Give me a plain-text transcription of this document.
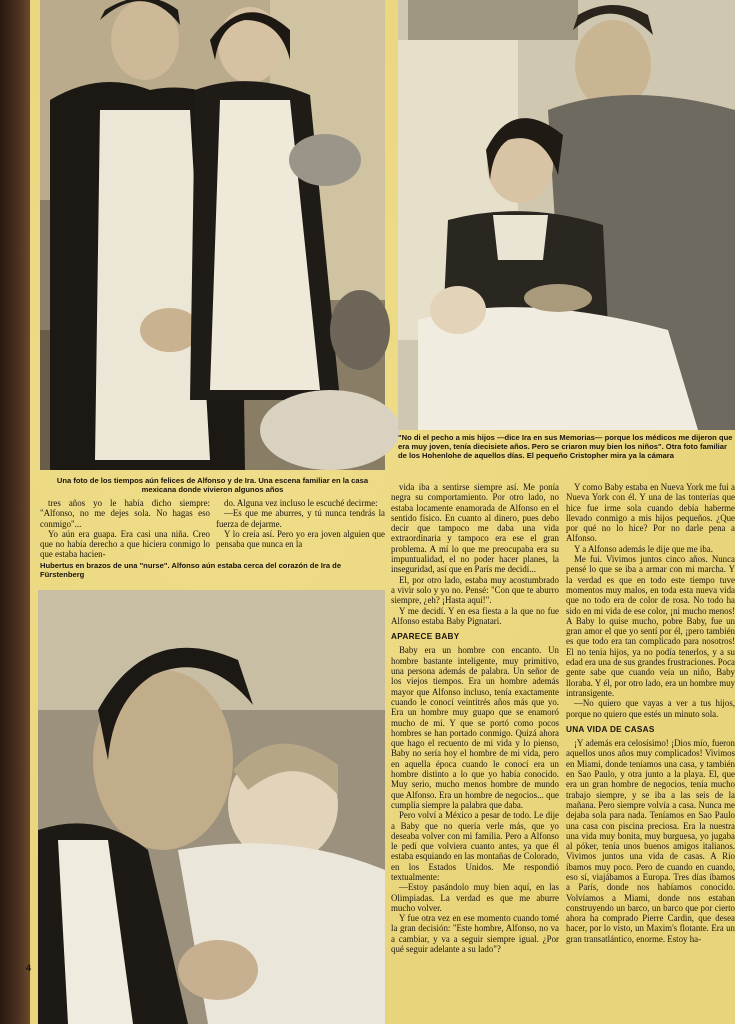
"No di el pecho a mis hijos —dice Ira en sus Memorias— porque los médicos me dijeron que era muy joven, tenía diecisiete años. Pero se criaron muy bien los niños". Otra foto familiar de los Hohenlohe de aquellos días. El pequeño Cristopher mira ya la cámara
Una foto de los tiempos aún felices de Alfonso y de Ira. Una escena familiar en la casa mexicana donde vivieron algunos años

tres años yo le había dicho siempre: "Alfonso, no me dejes sola. No hagas eso conmigo"...

Yo aún era guapa. Era casi una niña. Creo que no había derecho a que hiciera conmigo lo que estaba hacien-

do. Alguna vez incluso le escuché decirme:

—Es que me aburres, y tú nunca tendrás la fuerza de dejarme.

Y lo creía así. Pero yo era joven alguien que pensaba que nunca en la

Hubertus en brazos de una "nurse". Alfonso aún estaba cerca del corazón de Ira de Fürstenberg

vida iba a sentirse siempre así. Me ponía negra su comportamiento. Por otro lado, no estaba locamente enamorada de Alfonso en el sentido físico. En cuanto al dinero, pues debo decir que tampoco me daba una vida extraordinaria y tampoco era ese el gran problema. A mí lo que me preocupaba era su impuntualidad, el no poder hacer planes, la inseguridad, así que en París me decidí...

El, por otro lado, estaba muy acostumbrado a vivir solo y yo no. Pensé: "Con que te aburro siempre, ¿eh? ¡Hasta aquí!".

Y me decidí. Y en esa fiesta a la que no fue Alfonso estaba Baby Pignatari.

APARECE BABY

Baby era un hombre con encanto. Un hombre bastante inteligente, muy primitivo, una persona además de palabra. Un señor de los viejos tiempos. Era un hombre además mayor que Alfonso incluso, tenía exactamente cuando le conocí veintitrés años más que yo. Era un hombre muy guapo que se enamoró mucho de mí. Y que se portó como pocos hombres se han portado conmigo. Quizá ahora que hago el recuento de mi vida y lo pienso, Baby no sería hoy el hombre de mi vida, pero en aquella época cuando le conocí era un hombre distinto a lo que yo había conocido. Muy serio, mucho menos hombre de mundo que Alfonso. Era un hombre de negocios... que cumplía siempre la palabra que daba.

Pero volví a México a pesar de todo. Le dije a Baby que no quería verle más, que yo deseaba volver con mi familia. Pero a Alfonso le pedí que volviera cuanto antes, ya que él estaba esquiando en las montañas de Colorado, en los Estados Unidos. Me respondió textualmente:

—Estoy pasándolo muy bien aquí, en las Olimpiadas. La verdad es que me aburre mucho volver.

Y fue otra vez en ese momento cuando tomé la gran decisión: "Este hombre, Alfonso, no va a cambiar, y va a seguir siempre igual. ¿Por qué seguir adelante a su lado"?

Y como Baby estaba en Nueva York me fui a Nueva York con él. Y una de las tonterías que hice fue irme sola cuando debía haberme llevado conmigo a mis hijos pequeños. ¿Que por qué no lo hice? Por no darle pena a Alfonso.

Y a Alfonso además le dije que me iba.

Me fui. Vivimos juntos cinco años. Nunca pensé lo que se iba a armar con mi marcha. Y la verdad es que en todo este tiempo tuve momentos muy malos, en toda esta nueva vida que no todo era de color de rosa. No todo ha sido en mi vida de ese color, ¡ni mucho menos! A Baby lo quise mucho, pobre Baby, fue un gran amor el que yo sentí por él, ¡pero también es que todo era tan complicado para nosotros! El no tenía hijos, ya no podía tenerlos, y a su edad era una de sus grandes frustraciones. Poca gente sabe que cuando veía un niño, Baby lloraba. Y él, por otro lado, era un hombre muy intransigente.

—No quiero que vayas a ver a tus hijos, porque no quiero que estés un minuto sola.

UNA VIDA DE CASAS

¡Y además era celosísimo! ¡Dios mío, fueron aquellos unos años muy complicados! Vivimos en Miami, donde teníamos una casa, y también en Sao Paulo, y otra junto a la playa. El, que era un gran hombre de negocios, tenía mucho trabajo siempre, y se iba a las seis de la mañana. Pero siempre volvía a casa. Nunca me dejaba sola para nada. Teníamos en Sao Paulo una casa con piscina preciosa. Era la nuestra una vida muy bonita, muy burguesa, yo jugaba al póker, tenía unos buenos amigos italianos. Vivimos juntos una vida de casas. A Río íbamos muy poco. Pero de cuando en cuando, eso sí, viajábamos a Europa. Tres días íbamos a París, donde nos habíamos conocido. Volvíamos a Miami, donde nos estaban construyendo un barco, un barco que por cierto ahora ha comprado Pierre Cardin, que desea hacer, por lo visto, un Maxim's flotante. Era un gran transatlántico, enorme. Estoy ha-

4
